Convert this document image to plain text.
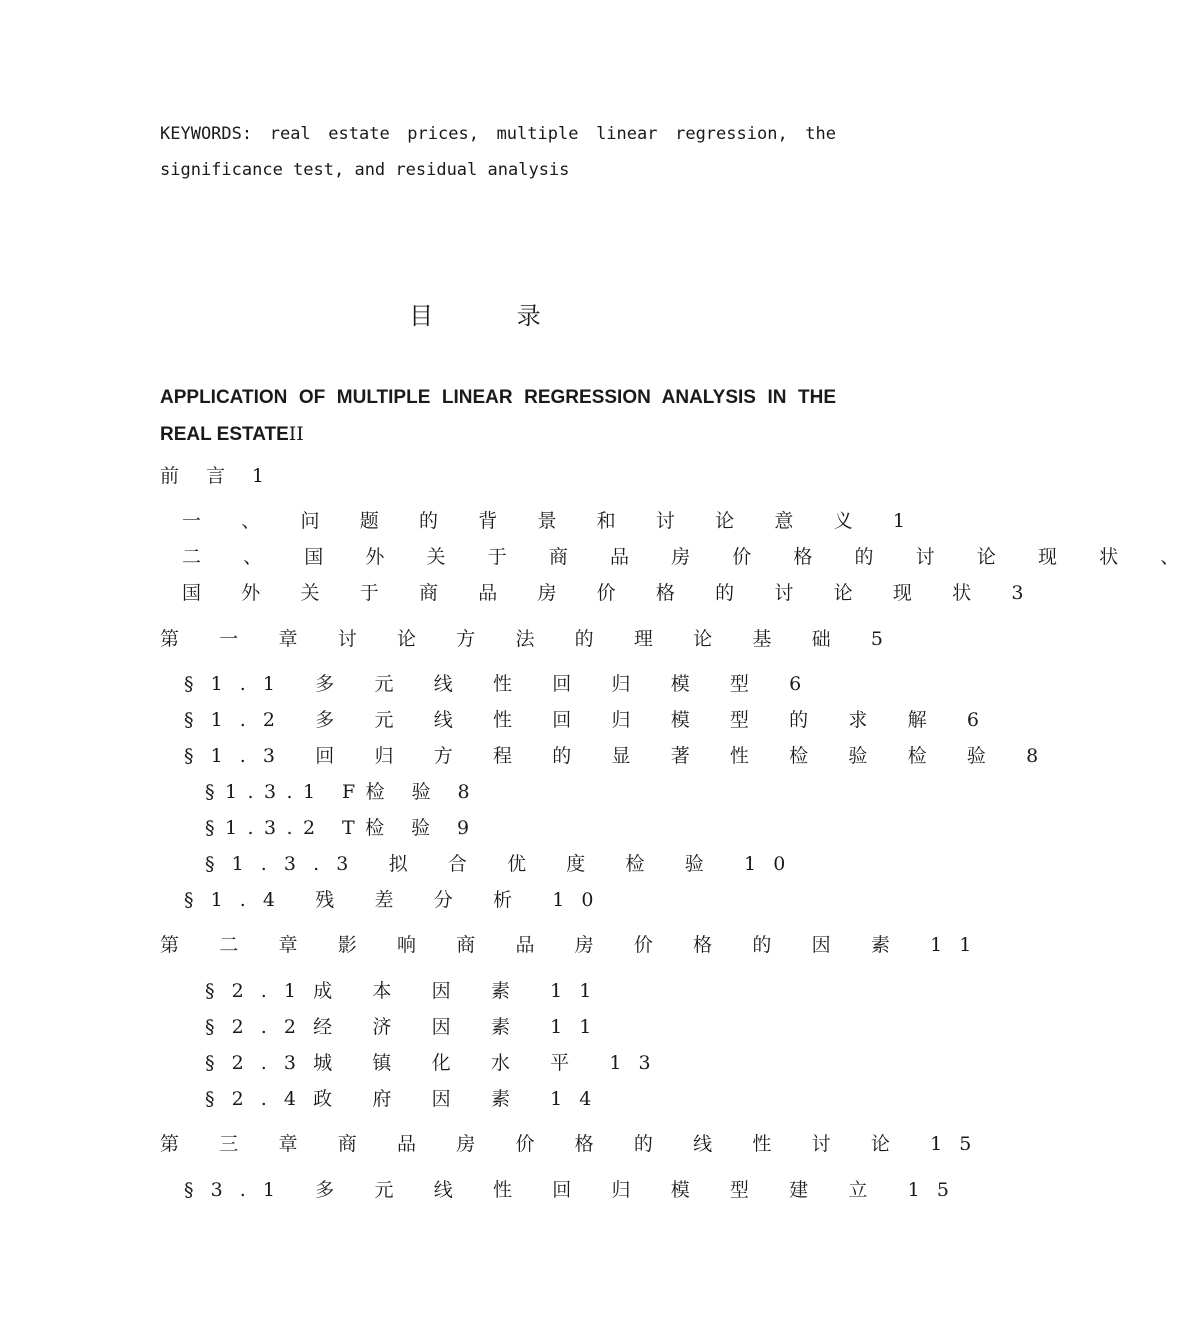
KEYWORDS: real estate prices, multiple linear regression, the
significance test, and residual analysis
目 录
APPLICATION OF MULTIPLE LINEAR REGRESSION ANALYSIS IN THE
REAL ESTATEII
前 言 1
一 、 问 题 的 背 景 和 讨 论 意 义 1
二 、 国 外 关 于 商 品 房 价 格 的 讨 论 现 状 、
国 外 关 于 商 品 房 价 格 的 讨 论 现 状 3
第 一 章 讨 论 方 法 的 理 论 基 础 5
§1.1 多 元 线 性 回 归 模 型 6
§1.2 多 元 线 性 回 归 模 型 的 求 解 6
§1.3 回 归 方 程 的 显 著 性 检 验 检 验 8
§1.3.1 F检 验 8
§1.3.2 T检 验 9
§1.3.3 拟 合 优 度 检 验 10
§1.4 残 差 分 析 10
第 二 章 影 响 商 品 房 价 格 的 因 素 11
§2.1成 本 因 素 11
§2.2经 济 因 素 11
§2.3城 镇 化 水 平 13
§2.4政 府 因 素 14
第 三 章 商 品 房 价 格 的 线 性 讨 论 15
§3.1 多 元 线 性 回 归 模 型 建 立 15
